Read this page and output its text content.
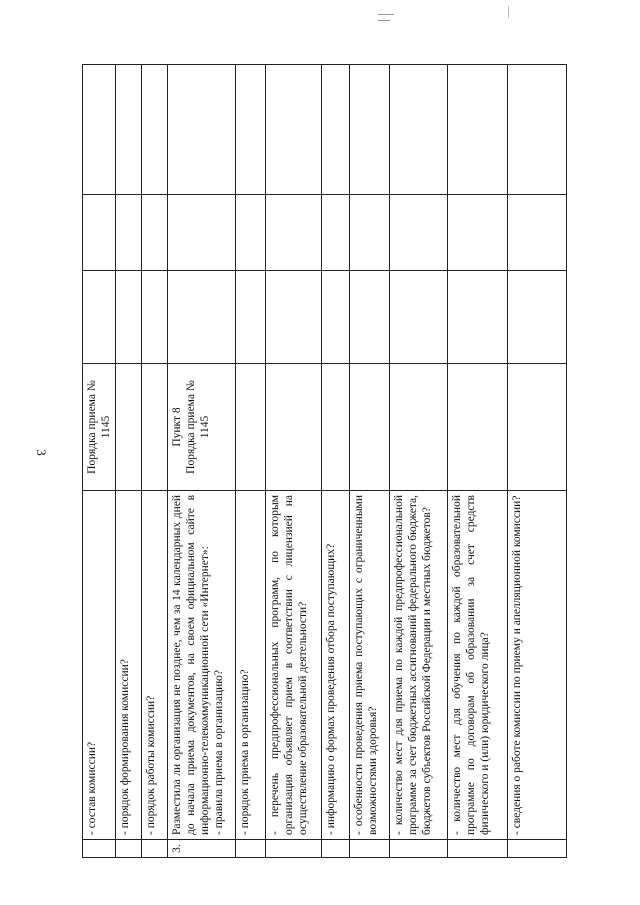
3

	- состав комиссии?	Порядка приема № 1145			

	- порядок формирования комиссии?				

	- порядок работы комиссии?				

3.	Разместила ли организация не позднее, чем за 14 календарных дней до начала приема документов, на своем официальном сайте в информационно-телекоммуникационной сети «Интернет»: - правила приема в организацию?	Пункт 8 Порядка приема № 1145			

	- порядок приема в организацию?				

	- перечень предпрофессиональных программ, по которым организация объявляет прием в соответствии с лицензией на осуществление образовательной деятельности?				

	- информацию о формах проведения отбора поступающих?				

	- особенности проведения приема поступающих с ограниченными возможностями здоровья?				

	- количество мест для приема по каждой предпрофессиональной программе за счет бюджетных ассигнований федерального бюджета, бюджетов субъектов Российской Федерации и местных бюджетов?				

	- количество мест для обучения по каждой образовательной программе по договорам об образовании за счет средств физического и (или) юридического лица?				

	- сведения о работе комиссии по приему и апелляционной комиссии?				
